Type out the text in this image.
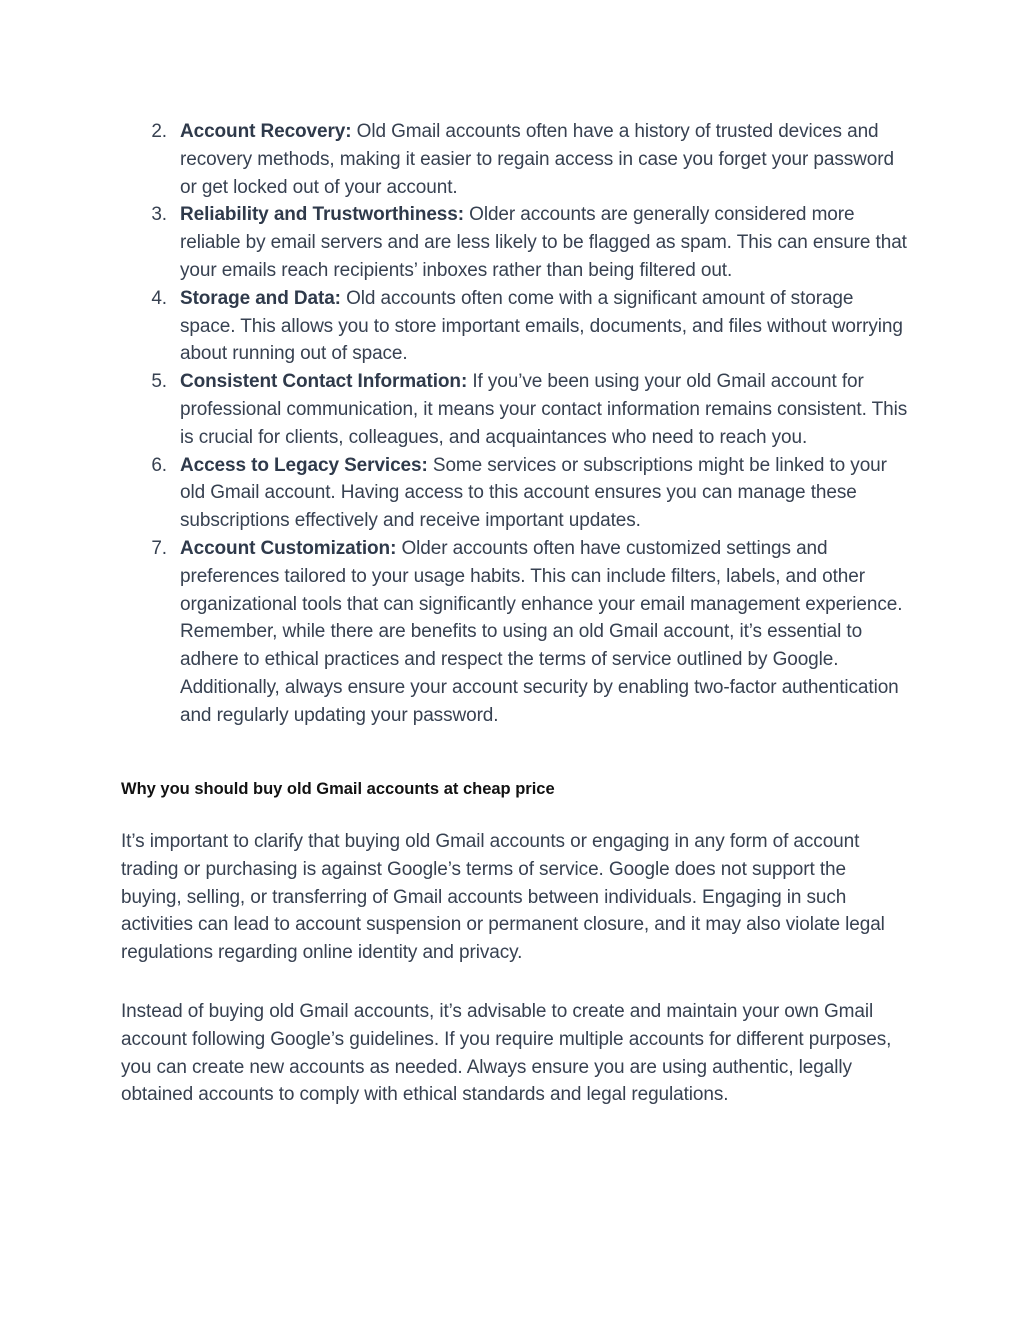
2. Account Recovery: Old Gmail accounts often have a history of trusted devices and recovery methods, making it easier to regain access in case you forget your password or get locked out of your account.
3. Reliability and Trustworthiness: Older accounts are generally considered more reliable by email servers and are less likely to be flagged as spam. This can ensure that your emails reach recipients’ inboxes rather than being filtered out.
4. Storage and Data: Old accounts often come with a significant amount of storage space. This allows you to store important emails, documents, and files without worrying about running out of space.
5. Consistent Contact Information: If you’ve been using your old Gmail account for professional communication, it means your contact information remains consistent. This is crucial for clients, colleagues, and acquaintances who need to reach you.
6. Access to Legacy Services: Some services or subscriptions might be linked to your old Gmail account. Having access to this account ensures you can manage these subscriptions effectively and receive important updates.
7. Account Customization: Older accounts often have customized settings and preferences tailored to your usage habits. This can include filters, labels, and other organizational tools that can significantly enhance your email management experience. Remember, while there are benefits to using an old Gmail account, it’s essential to adhere to ethical practices and respect the terms of service outlined by Google. Additionally, always ensure your account security by enabling two-factor authentication and regularly updating your password.
Why you should buy old Gmail accounts at cheap price

It’s important to clarify that buying old Gmail accounts or engaging in any form of account trading or purchasing is against Google’s terms of service. Google does not support the buying, selling, or transferring of Gmail accounts between individuals. Engaging in such activities can lead to account suspension or permanent closure, and it may also violate legal regulations regarding online identity and privacy.

Instead of buying old Gmail accounts, it’s advisable to create and maintain your own Gmail account following Google’s guidelines. If you require multiple accounts for different purposes, you can create new accounts as needed. Always ensure you are using authentic, legally obtained accounts to comply with ethical standards and legal regulations.
